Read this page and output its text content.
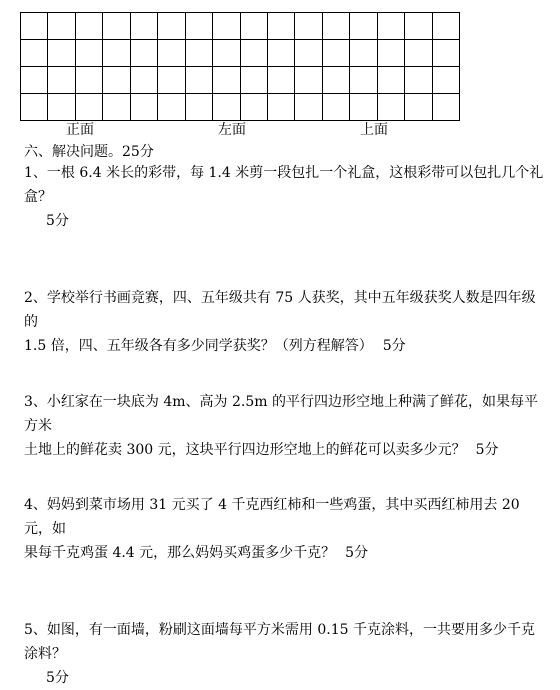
正面	左面	上面
六、解决问题。25分
1、一根 6.4 米长的彩带，每 1.4 米剪一段包扎一个礼盒，这根彩带可以包扎几个礼盒？
5分
2、学校举行书画竞赛，四、五年级共有 75 人获奖，其中五年级获奖人数是四年级的
1.5 倍，四、五年级各有多少同学获奖？（列方程解答） 5分
3、小红家在一块底为 4m、高为 2.5m 的平行四边形空地上种满了鲜花，如果每平方米
土地上的鲜花卖 300 元，这块平行四边形空地上的鲜花可以卖多少元？ 5分
4、妈妈到菜市场用 31 元买了 4 千克西红柿和一些鸡蛋，其中买西红柿用去 20 元，如
果每千克鸡蛋 4.4 元，那么妈妈买鸡蛋多少千克？ 5分
5、如图，有一面墙，粉刷这面墙每平方米需用 0.15 千克涂料，一共要用多少千克涂料？
5分
